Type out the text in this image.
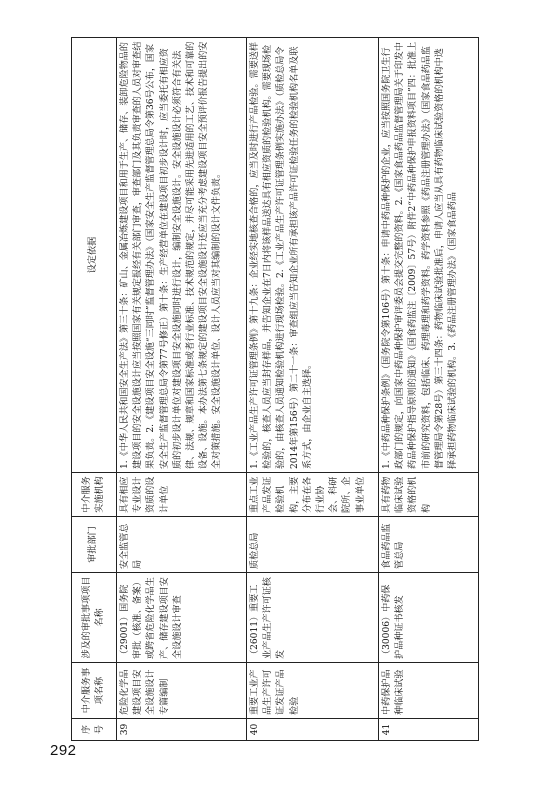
序号	中介服务事项名称	涉及的审批事项项目名称	审批部门	中介服务实施机构	设定依据
39	危险化学品建设项目安全设施设计专篇编制	（29001）国务院审批（核准、备案）或跨省危险化学品生产、储存建设项目安全设施设计审查	安全监管总局	具有相应专业设计资质的设计单位	1.《中华人民共和国安全生产法》第三十条：矿山、金属冶炼建设项目和用于生产、储存、装卸危险物品的建设项目的安全设施设计应当按照国家有关规定报经有关部门审查，审查部门及其负责审查的人员对审查结果负责。2.《建设项目安全设施“三同时”监督管理办法》（国家安全生产监督管理总局令第36号公布，国家安全生产监督管理总局令第77号修正）第十条：生产经营单位在建设项目初步设计时，应当委托有相应资质的初步设计单位对建设项目安全设施同时进行设计，编制安全设施设计。安全设施设计必须符合有关法律、法规、规章和国家标准或者行业标准、技术规范的规定，并尽可能采用先进适用的工艺、技术和可靠的设备、设施。本办法第七条规定的建设项目安全设施设计还应当充分考虑建设项目安全预评价报告提出的安全对策措施。安全设施设计单位、设计人员应当对其编制的设计文件负责。
40	重要工业产品生产许可证发证产品检验	（26011）重要工业产品生产许可证核发	质检总局	重点工业产品发证检验机构，主要分布在各行业协会、科研院所、企事业单位	1.《工业产品生产许可证管理条例》第十九条：企业经实地核查合格的，应当及时进行产品检验。需要送样检验的，核查人员应当封存样品，并告知企业在7日内将该样品送达具有相应资质的检验机构。需要现场检验的，由核查人员通知检验机构进行现场检验。2.《工业产品生产许可证管理条例实施办法》（质检总局令2014年第156号）第二十一条：审查组应当告知企业所有承担该产品许可证检验任务的检验机构名单及联系方式，由企业自主选择。
41	中药保护品种临床试验	（30006）中药保护品种证书核发	食品药品监管总局	具有药物临床试验资格的机构	1.《中药品种保护条例》（国务院令第106号）第十条：申请中药品种保护的企业，应当按照国务院卫生行政部门的规定，向国家中药品种保护审评委员会提交完整的资料。2.《国家食品药品监督管理局关于印发中药品种保护指导原则的通知》（国食药监注〔2009〕57号）附件2“中药品种保护申报资料项目”四：批准上市前的研究资料，包括临床、药理毒理和药学资料。药学资料参照《药品注册管理办法》（国家食品药品监督管理局令第28号）第三十四条：药物临床试验批准后，申请人应当从具有药物临床试验资格的机构中选择承担药物临床试验的机构。3.《药品注册管理办法》（国家食品药品
292
